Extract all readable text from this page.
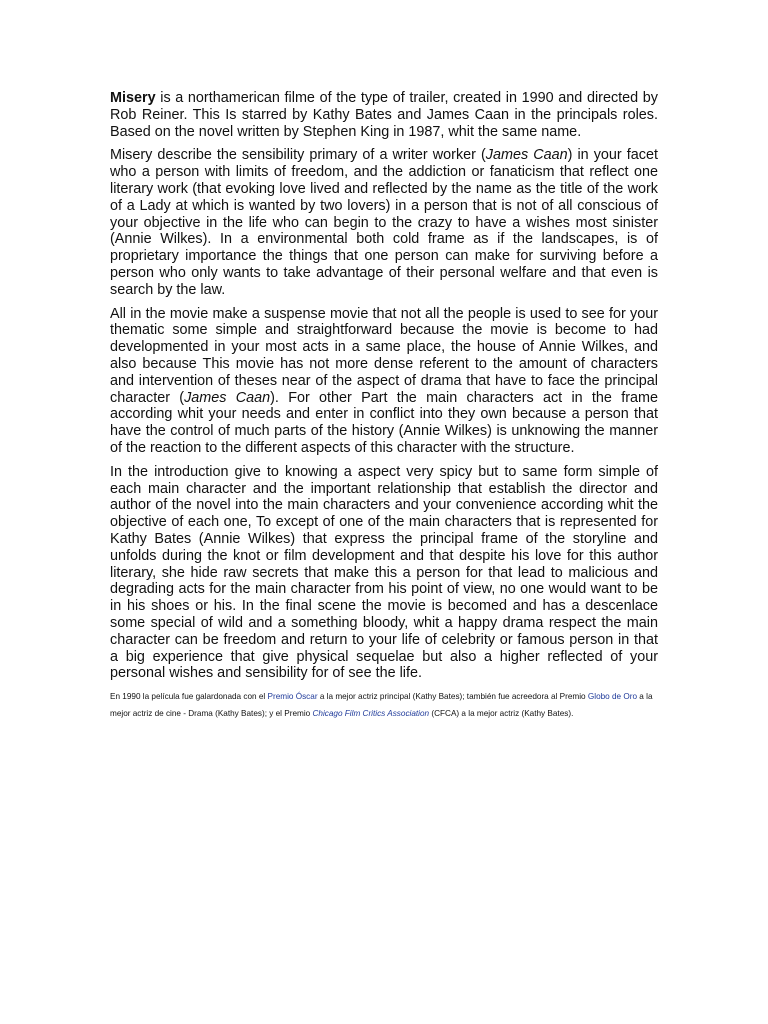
Misery is a northamerican filme of the type of trailer, created in 1990 and directed by Rob Reiner. This Is starred by Kathy Bates and James Caan in the principals roles. Based on the novel written by Stephen King in 1987, whit the same name.

Misery describe the sensibility primary of a writer worker (James Caan) in your facet who a person with limits of freedom, and the addiction or fanaticism that reflect one literary work (that evoking love lived and reflected by the name as the title of the work of a Lady at which is wanted by two lovers) in a person that is not of all conscious of your objective in the life who can begin to the crazy to have a wishes most sinister (Annie Wilkes). In a environmental both cold frame as if the landscapes, is of proprietary importance the things that one person can make for surviving before a person who only wants to take advantage of their personal welfare and that even is search by the law.

All in the movie make a suspense movie that not all the people is used to see for your thematic some simple and straightforward because the movie is become to had developmented in your most acts in a same place, the house of Annie Wilkes, and also because This movie has not more dense referent to the amount of characters and intervention of theses near of the aspect of drama that have to face the principal character (James Caan). For other Part the main characters act in the frame according whit your needs and enter in conflict into they own because a person that have the control of much parts of the history (Annie Wilkes) is unknowing the manner of the reaction to the different aspects of this character with the structure.

In the introduction give to knowing a aspect very spicy but to same form simple of each main character and the important relationship that establish the director and author of the novel into the main characters and your convenience according whit the objective of each one, To except of one of the main characters that is represented for Kathy Bates (Annie Wilkes) that express the principal frame of the storyline and unfolds during the knot or film development and that despite his love for this author literary, she hide raw secrets that make this a person for that lead to malicious and degrading acts for the main character from his point of view, no one would want to be in his shoes or his. In the final scene the movie is becomed and has a descenlace some special of wild and a something bloody, whit a happy drama respect the main character can be freedom and return to your life of celebrity or famous person in that a big experience that give physical sequelae but also a higher reflected of your personal wishes and sensibility for of see the life.

En 1990 la película fue galardonada con el Premio Óscar a la mejor actriz principal (Kathy Bates); también fue acreedora al Premio Globo de Oro a la mejor actriz de cine - Drama (Kathy Bates); y el Premio Chicago Film Critics Association (CFCA) a la mejor actriz (Kathy Bates).
